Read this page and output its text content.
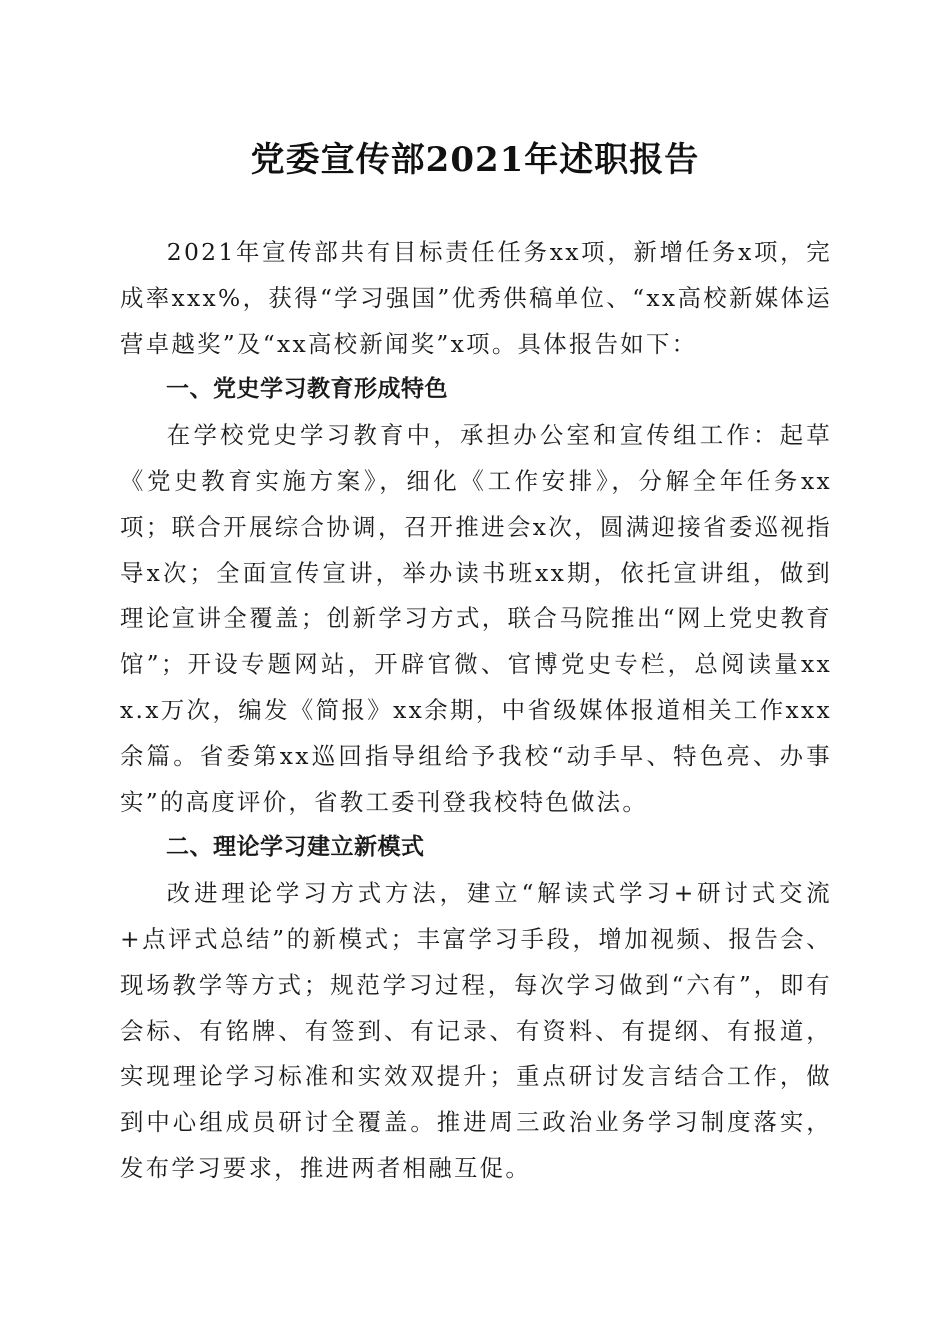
党委宣传部2021年述职报告

2021年宣传部共有目标责任任务xx项，新增任务x项，完成率xxx%，获得“学习强国”优秀供稿单位、“xx高校新媒体运营卓越奖”及“xx高校新闻奖”x项。具体报告如下：

一、党史学习教育形成特色

在学校党史学习教育中，承担办公室和宣传组工作：起草《党史教育实施方案》，细化《工作安排》，分解全年任务xx项；联合开展综合协调，召开推进会x次，圆满迎接省委巡视指导x次；全面宣传宣讲，举办读书班xx期，依托宣讲组，做到理论宣讲全覆盖；创新学习方式，联合马院推出“网上党史教育馆”；开设专题网站，开辟官微、官博党史专栏，总阅读量xxx.x万次，编发《简报》xx余期，中省级媒体报道相关工作xxx余篇。省委第xx巡回指导组给予我校“动手早、特色亮、办事实”的高度评价，省教工委刊登我校特色做法。

二、理论学习建立新模式

改进理论学习方式方法，建立“解读式学习+研讨式交流+点评式总结”的新模式；丰富学习手段，增加视频、报告会、现场教学等方式；规范学习过程，每次学习做到“六有”，即有会标、有铭牌、有签到、有记录、有资料、有提纲、有报道，实现理论学习标准和实效双提升；重点研讨发言结合工作，做到中心组成员研讨全覆盖。推进周三政治业务学习制度落实，发布学习要求，推进两者相融互促。
